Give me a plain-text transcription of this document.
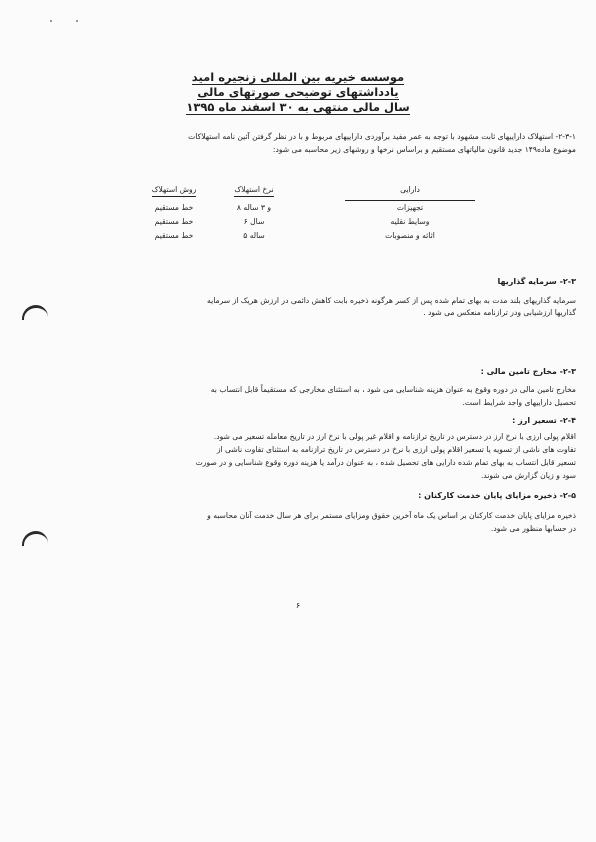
موسسه خیریه بین المللی زنجیره امید
یادداشتهای توضیحی صورتهای مالی
سال مالی منتهی به ۳۰ اسفند ماه ۱۳۹۵
۲-۳-۱- استهلاک داراییهای ثابت مشهود با توجه به عمر مفید برآوردی داراییهای مربوط و با در نظر گرفتن آئین نامه استهلاکات
موضوع ماده۱۴۹ جدید قانون مالیاتهای مستقیم و براساس نرخها و روشهای زیر محاسبه می شود:
دارایی
نرخ استهلاک
روش استهلاک
تجهیزات
۸ و ۳ ساله
خط مستقیم
وسایط نقلیه
۶ سال
خط مستقیم
اثاثه و منصوبات
۵ ساله
خط مستقیم
۲-۳- سرمایه گذاریها
سرمایه گذاریهای بلند مدت به بهای تمام شده پس از کسر هرگونه ذخیره بابت کاهش دائمی در ارزش هریک از سرمایه
گذاریها ارزشیابی ودر ترازنامه منعکس می شود .
۲-۳- مخارج تامین مالی :
مخارج تامین مالی در دوره وقوع به عنوان هزینه شناسایی می شود ، به استثنای مخارجی که مستقیماً قابل انتساب به
تحصیل داراییهای واجد شرایط است.
۲-۴- تسعیر ارز :
اقلام پولی ارزی با نرخ ارز در دسترس در تاریخ ترازنامه و اقلام غیر پولی با نرخ ارز در تاریخ معامله تسعیر می شود.
تفاوت های ناشی از تسویه یا تسعیر اقلام پولی ارزی با نرخ در دسترس در تاریخ ترازنامه به استثنای تفاوت ناشی از
تسعیر قابل انتساب به بهای تمام شده دارایی های تحصیل شده ، به عنوان درآمد یا هزینه دوره وقوع شناسایی و در صورت
سود و زیان گزارش می شوند.
۲-۵- ذخیره مزایای پایان خدمت کارکنان :
ذخیره مزایای پایان خدمت کارکنان بر اساس یک ماه آخرین حقوق ومزایای مستمر برای هر سال خدمت آنان محاسبه و
در حسابها منظور می شود.
۶
